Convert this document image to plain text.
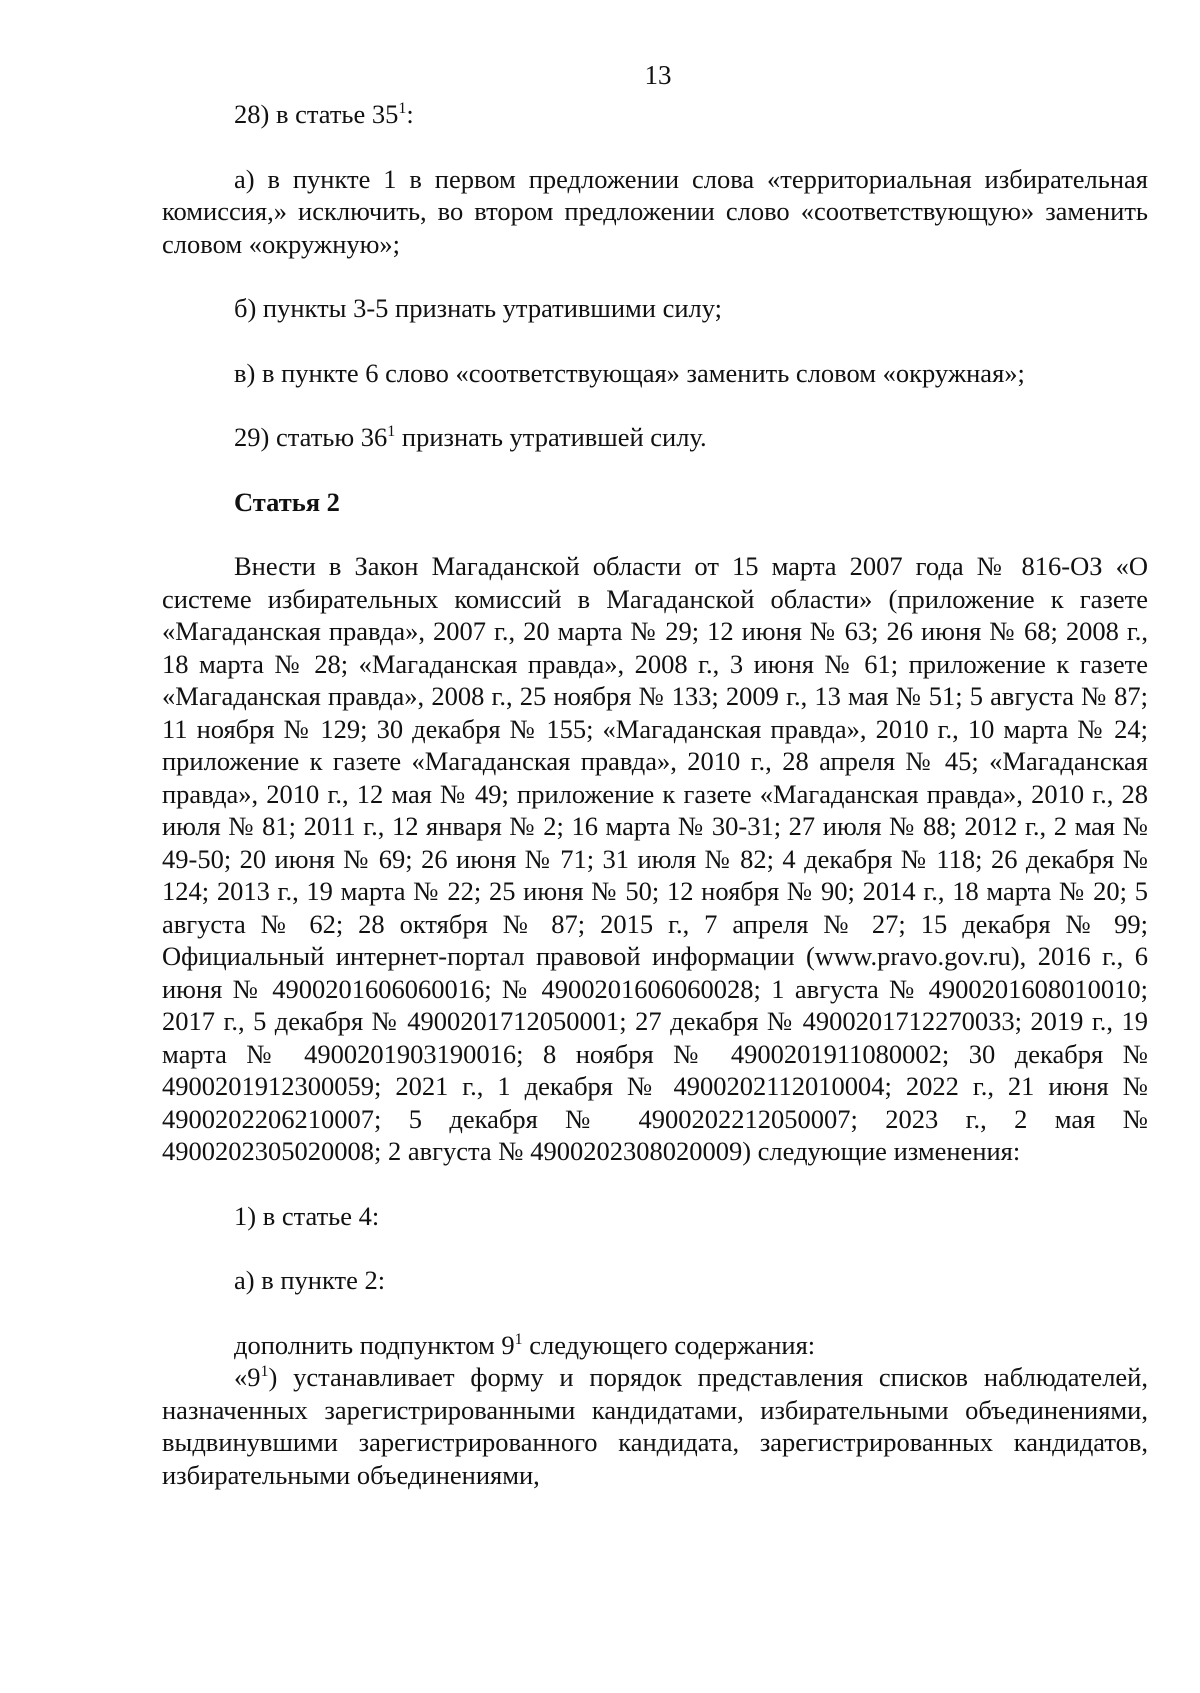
13

28) в статье $35^1$:

а) в пункте 1 в первом предложении слова «территориальная избирательная комиссия,» исключить, во втором предложении слово «соответствующую» заменить словом «окружную»;

б) пункты 3-5 признать утратившими силу;

в) в пункте 6 слово «соответствующая» заменить словом «окружная»;

29) статью $36^1$ признать утратившей силу.

Статья 2

Внести в Закон Магаданской области от 15 марта 2007 года № 816-ОЗ «О системе избирательных комиссий в Магаданской области» (приложение к газете «Магаданская правда», 2007 г., 20 марта № 29; 12 июня № 63; 26 июня № 68; 2008 г., 18 марта № 28; «Магаданская правда», 2008 г., 3 июня № 61; приложение к газете «Магаданская правда», 2008 г., 25 ноября № 133; 2009 г., 13 мая № 51; 5 августа № 87; 11 ноября № 129; 30 декабря № 155; «Магаданская правда», 2010 г., 10 марта № 24; приложение к газете «Магаданская правда», 2010 г., 28 апреля № 45; «Магаданская правда», 2010 г., 12 мая № 49; приложение к газете «Магаданская правда», 2010 г., 28 июля № 81; 2011 г., 12 января № 2; 16 марта № 30-31; 27 июля № 88; 2012 г., 2 мая № 49-50; 20 июня № 69; 26 июня № 71; 31 июля № 82; 4 декабря № 118; 26 декабря № 124; 2013 г., 19 марта № 22; 25 июня № 50; 12 ноября № 90; 2014 г., 18 марта № 20; 5 августа № 62; 28 октября № 87; 2015 г., 7 апреля № 27; 15 декабря № 99; Официальный интернет-портал правовой информации (www.pravo.gov.ru), 2016 г., 6 июня № 4900201606060016; № 4900201606060028; 1 августа № 4900201608010010; 2017 г., 5 декабря № 4900201712050001; 27 декабря № 4900201712270033; 2019 г., 19 марта № 4900201903190016; 8 ноября № 4900201911080002; 30 декабря № 4900201912300059; 2021 г., 1 декабря № 4900202112010004; 2022 г., 21 июня № 4900202206210007; 5 декабря № 4900202212050007; 2023 г., 2 мая № 4900202305020008; 2 августа № 4900202308020009) следующие изменения:

1) в статье 4:

а) в пункте 2:

дополнить подпунктом $9^1$ следующего содержания:

«$9^1$) устанавливает форму и порядок представления списков наблюдателей, назначенных зарегистрированными кандидатами, избирательными объединениями, выдвинувшими зарегистрированного кандидата, зарегистрированных кандидатов, избирательными объединениями,
